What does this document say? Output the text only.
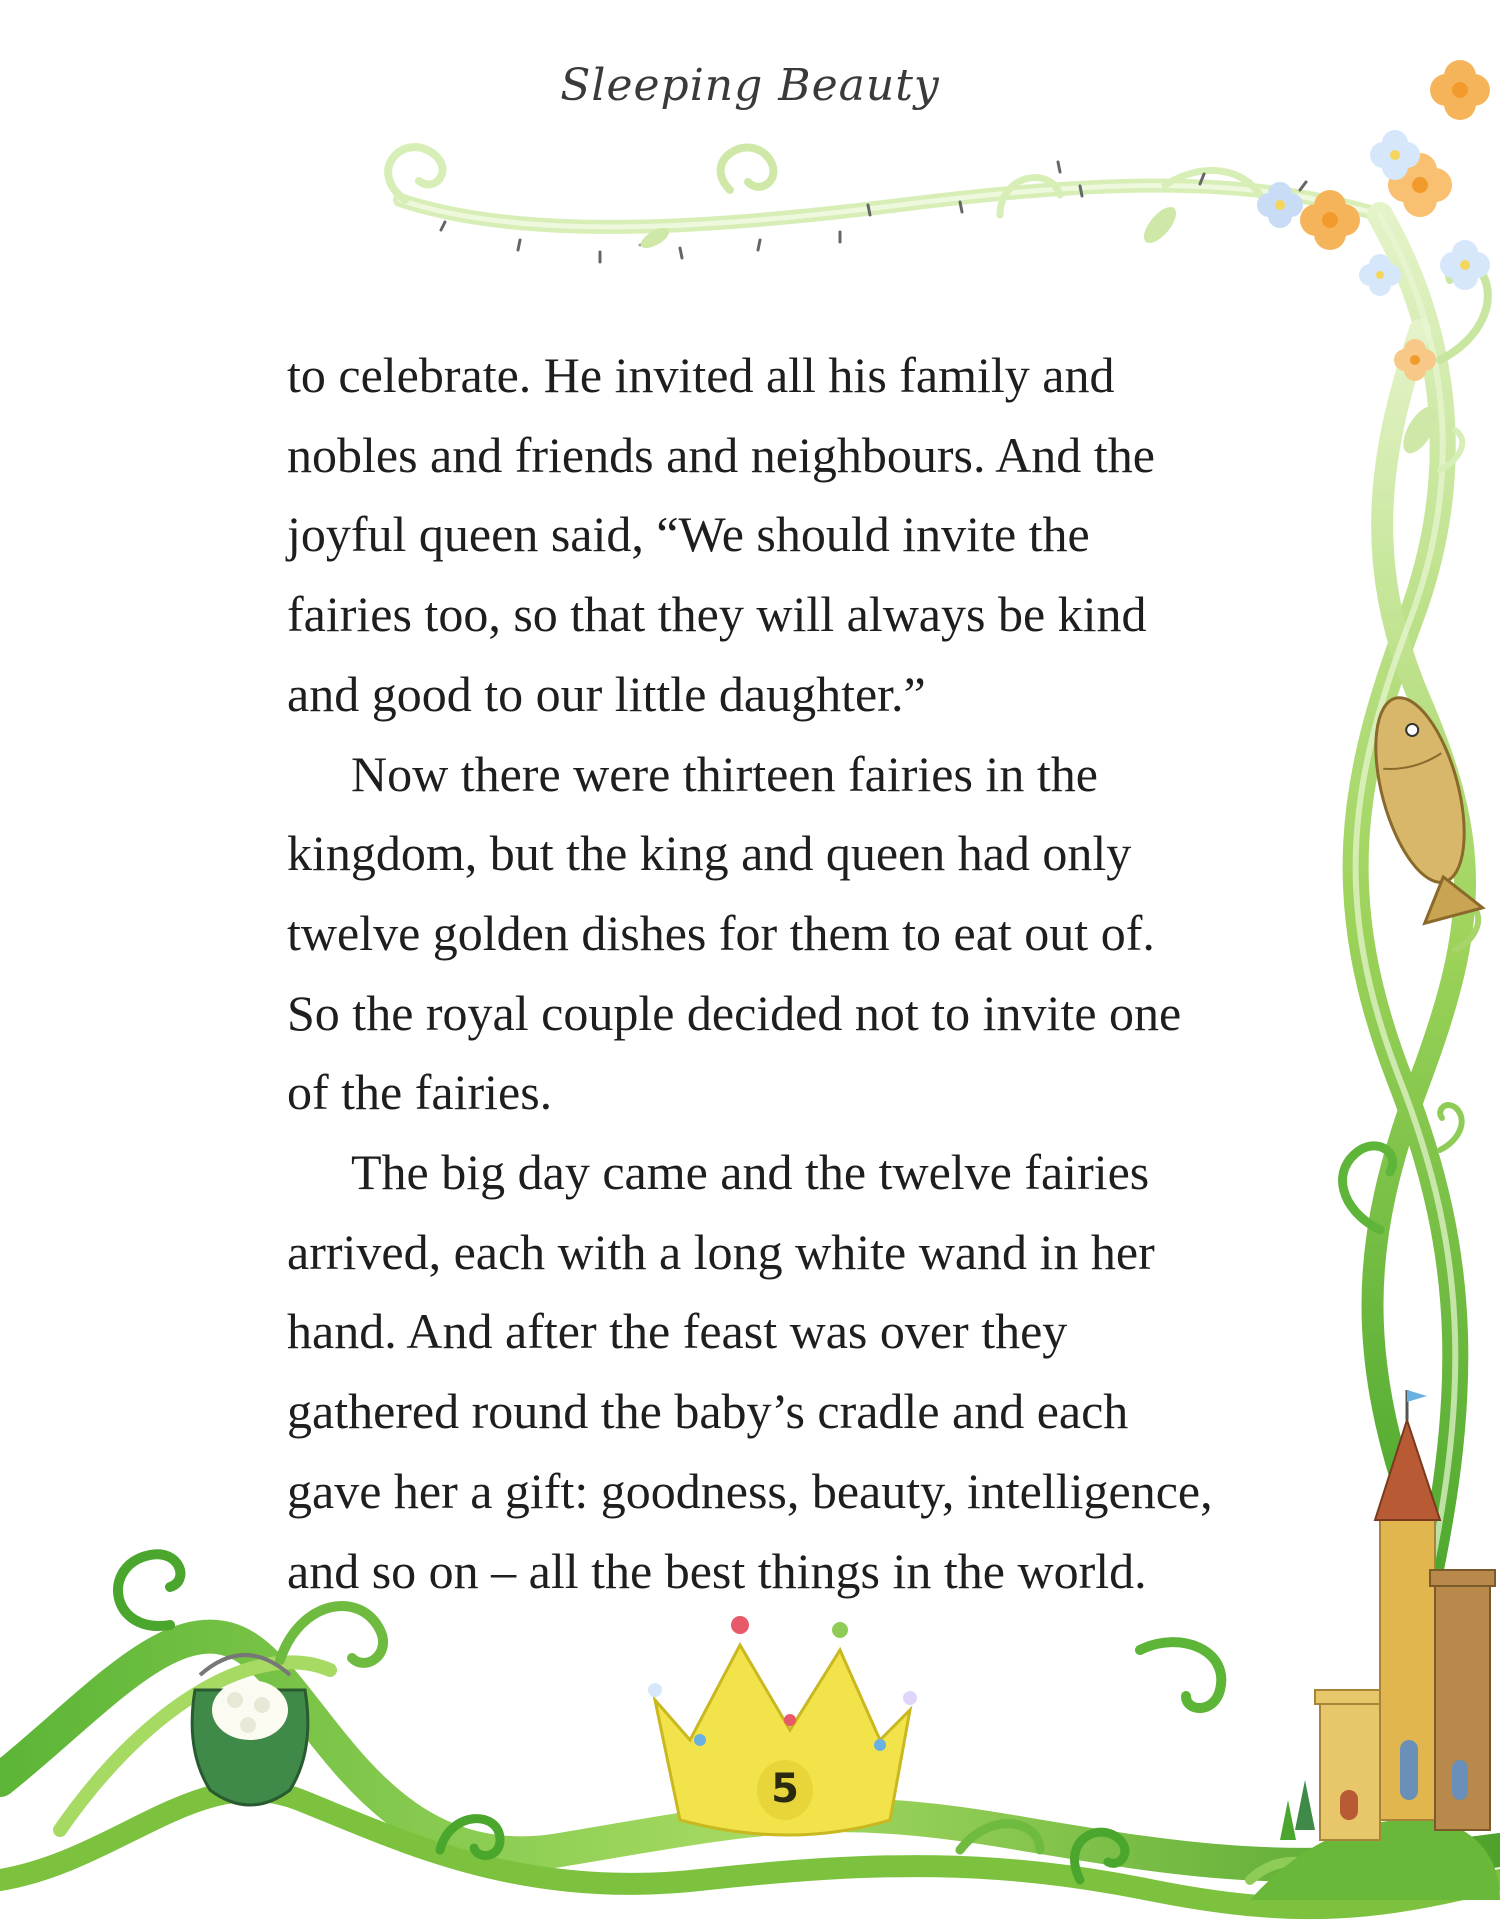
Sleeping Beauty

to celebrate. He invited all his family and
nobles and friends and neighbours. And the
joyful queen said, “We should invite the
fairies too, so that they will always be kind
and good to our little daughter.”

Now there were thirteen fairies in the
kingdom, but the king and queen had only
twelve golden dishes for them to eat out of.
So the royal couple decided not to invite one
of the fairies.

The big day came and the twelve fairies
arrived, each with a long white wand in her
hand. And after the feast was over they
gathered round the baby’s cradle and each
gave her a gift: goodness, beauty, intelligence,
and so on – all the best things in the world.

5
